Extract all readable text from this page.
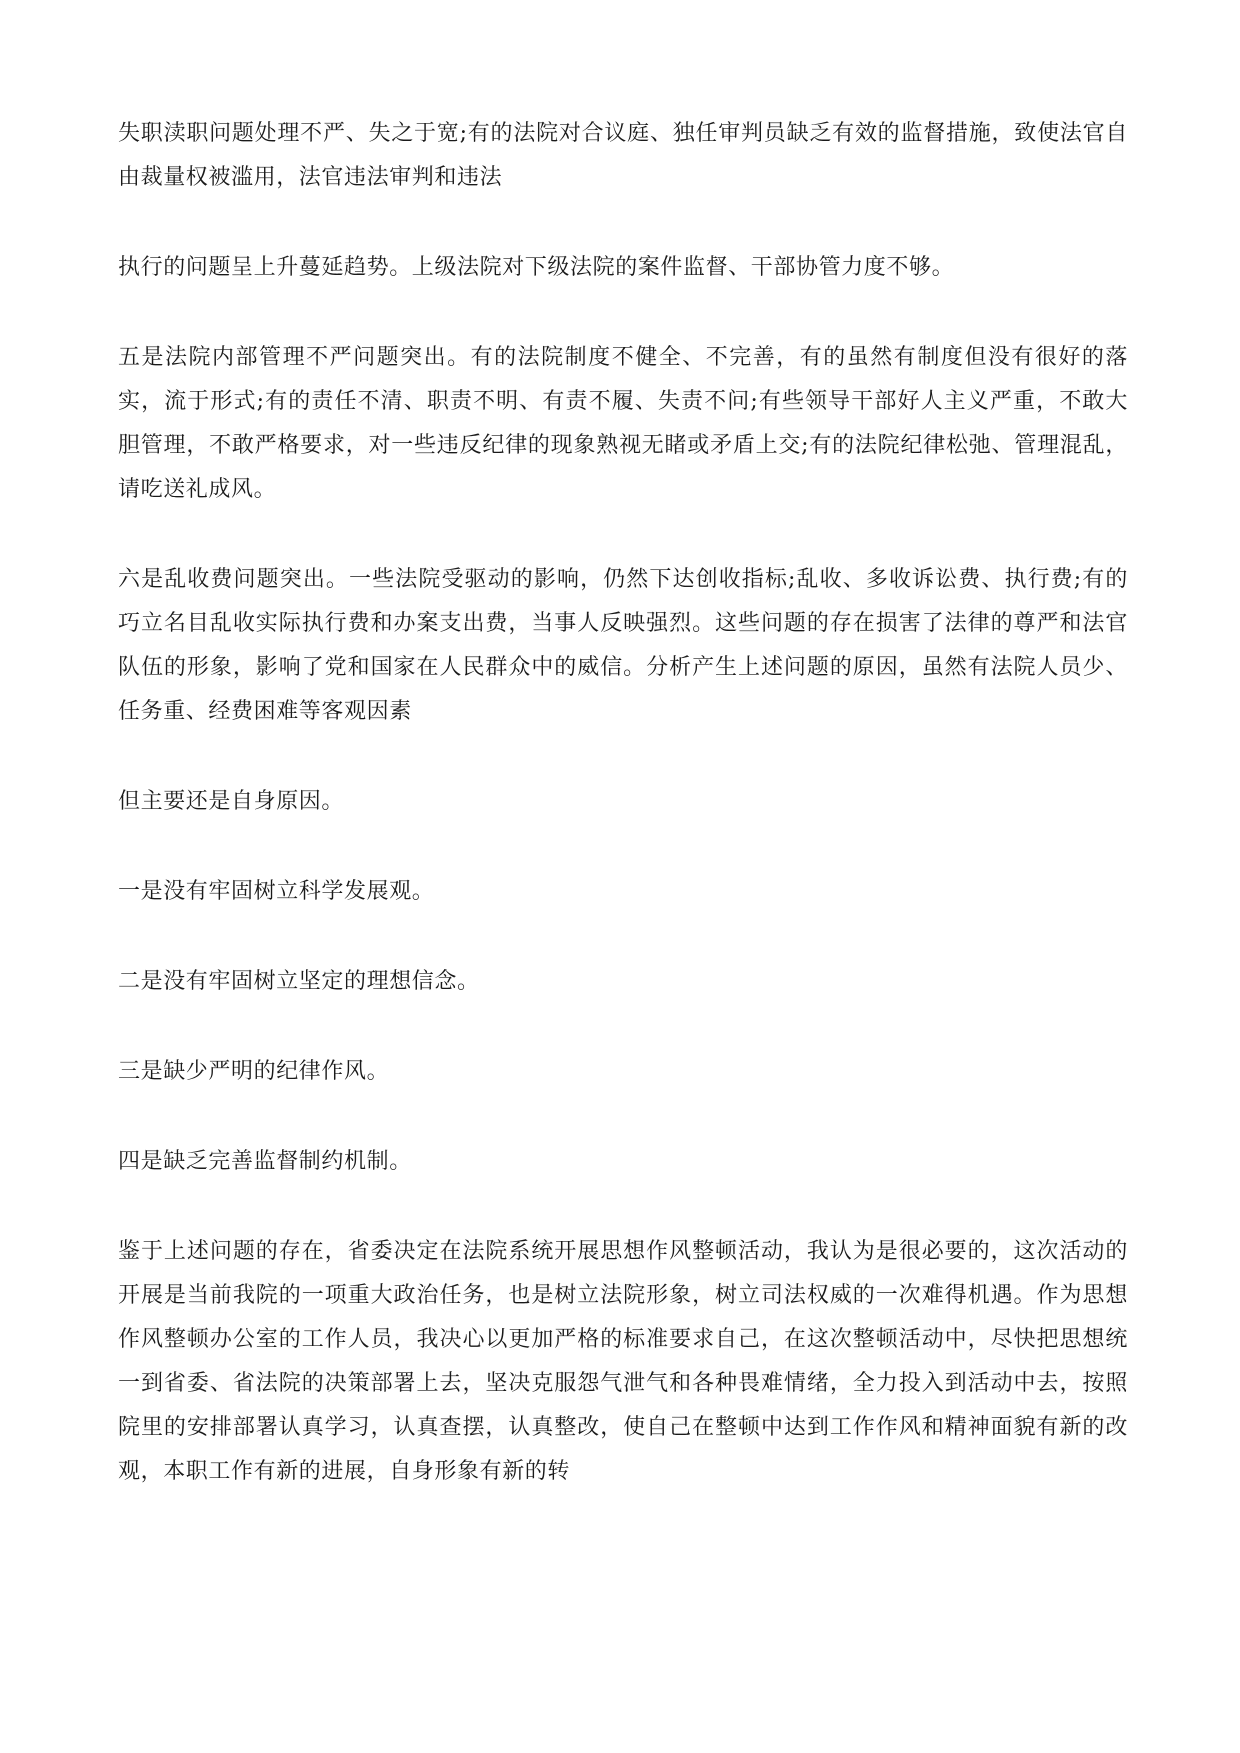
失职渎职问题处理不严、失之于宽;有的法院对合议庭、独任审判员缺乏有效的监督措施，致使法官自由裁量权被滥用，法官违法审判和违法

执行的问题呈上升蔓延趋势。上级法院对下级法院的案件监督、干部协管力度不够。

五是法院内部管理不严问题突出。有的法院制度不健全、不完善，有的虽然有制度但没有很好的落实，流于形式;有的责任不清、职责不明、有责不履、失责不问;有些领导干部好人主义严重，不敢大胆管理，不敢严格要求，对一些违反纪律的现象熟视无睹或矛盾上交;有的法院纪律松弛、管理混乱，请吃送礼成风。

六是乱收费问题突出。一些法院受驱动的影响，仍然下达创收指标;乱收、多收诉讼费、执行费;有的巧立名目乱收实际执行费和办案支出费，当事人反映强烈。这些问题的存在损害了法律的尊严和法官队伍的形象，影响了党和国家在人民群众中的威信。分析产生上述问题的原因，虽然有法院人员少、任务重、经费困难等客观因素

但主要还是自身原因。

一是没有牢固树立科学发展观。

二是没有牢固树立坚定的理想信念。

三是缺少严明的纪律作风。

四是缺乏完善监督制约机制。

鉴于上述问题的存在，省委决定在法院系统开展思想作风整顿活动，我认为是很必要的，这次活动的开展是当前我院的一项重大政治任务，也是树立法院形象，树立司法权威的一次难得机遇。作为思想作风整顿办公室的工作人员，我决心以更加严格的标准要求自己，在这次整顿活动中，尽快把思想统一到省委、省法院的决策部署上去，坚决克服怨气泄气和各种畏难情绪，全力投入到活动中去，按照院里的安排部署认真学习，认真查摆，认真整改，使自己在整顿中达到工作作风和精神面貌有新的改观，本职工作有新的进展，自身形象有新的转
